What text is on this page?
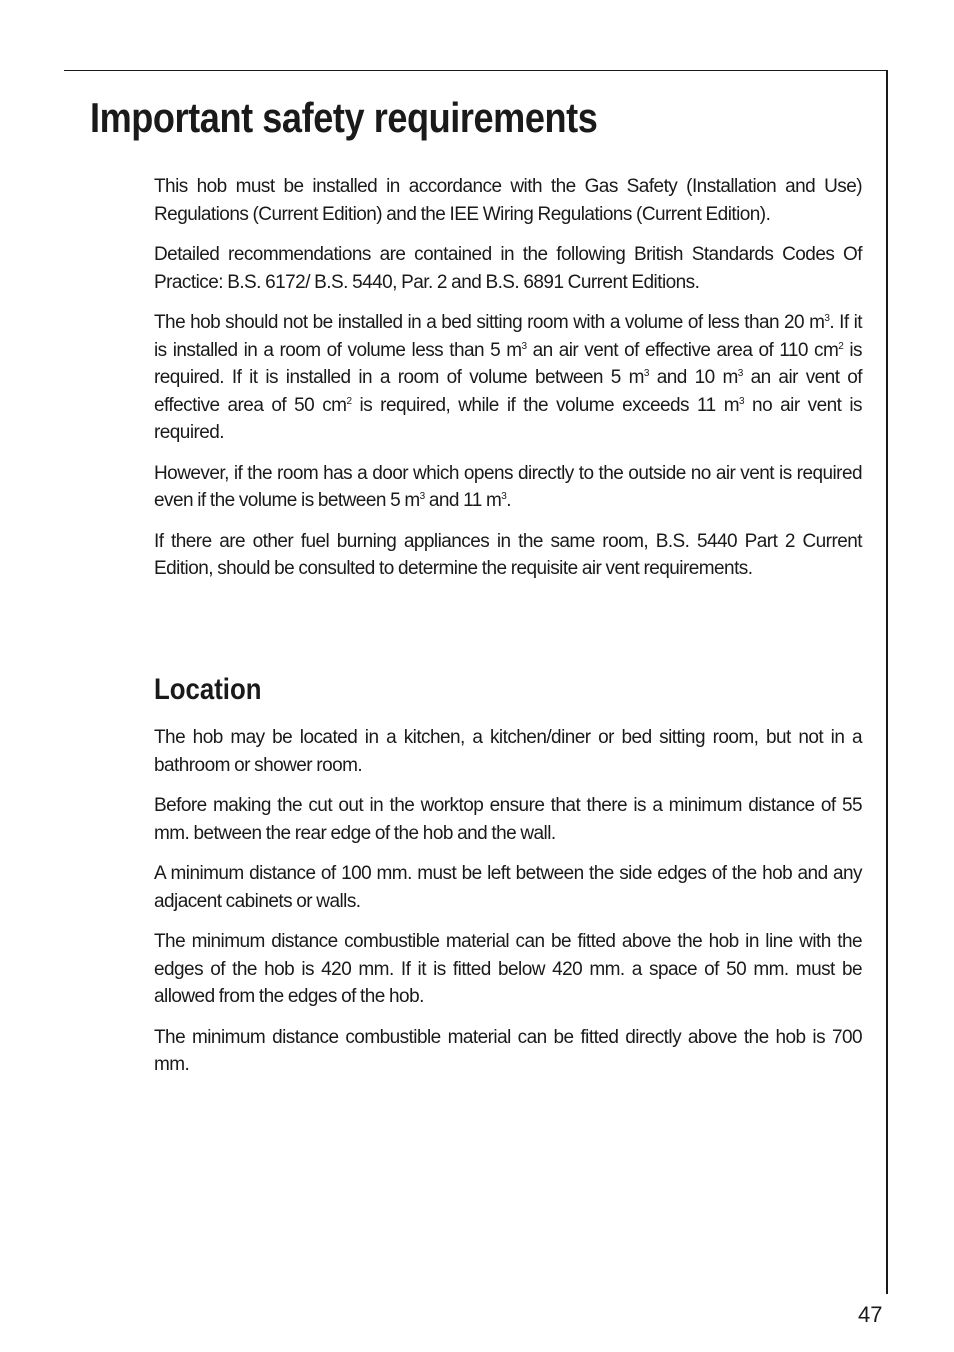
Important safety requirements

This hob must be installed in accordance with the Gas Safety (Installation and Use) Regulations (Current Edition) and the IEE Wiring Regulations (Current Edition).

Detailed recommendations are contained in the following British Standards Codes Of Practice: B.S. 6172/ B.S. 5440, Par. 2 and B.S. 6891 Current Editions.

The hob should not be installed in a bed sitting room with a volume of less than 20 $m^3$. If it is installed in a room of volume less than 5 $m^3$ an air vent of effective area of 110 $cm^2$ is required. If it is installed in a room of volume between 5 $m^3$ and 10 $m^3$ an air vent of effective area of 50 $cm^2$ is required, while if the volume exceeds 11 $m^3$ no air vent is required.

However, if the room has a door which opens directly to the outside no air vent is required even if the volume is between 5 $m^3$ and 11 $m^3$.

If there are other fuel burning appliances in the same room, B.S. 5440 Part 2 Current Edition, should be consulted to determine the requisite air vent requirements.

Location

The hob may be located in a kitchen, a kitchen/diner or bed sitting room, but not in a bathroom or shower room.

Before making the cut out in the worktop ensure that there is a minimum distance of 55 mm. between the rear edge of the hob and the wall.

A minimum distance of 100 mm. must be left between the side edges of the hob and any adjacent cabinets or walls.

The minimum distance combustible material can be fitted above the hob in line with the edges of the hob is 420 mm. If it is fitted below 420 mm. a space of 50 mm. must be allowed from the edges of the hob.

The minimum distance combustible material can be fitted directly above the hob is 700 mm.

47
